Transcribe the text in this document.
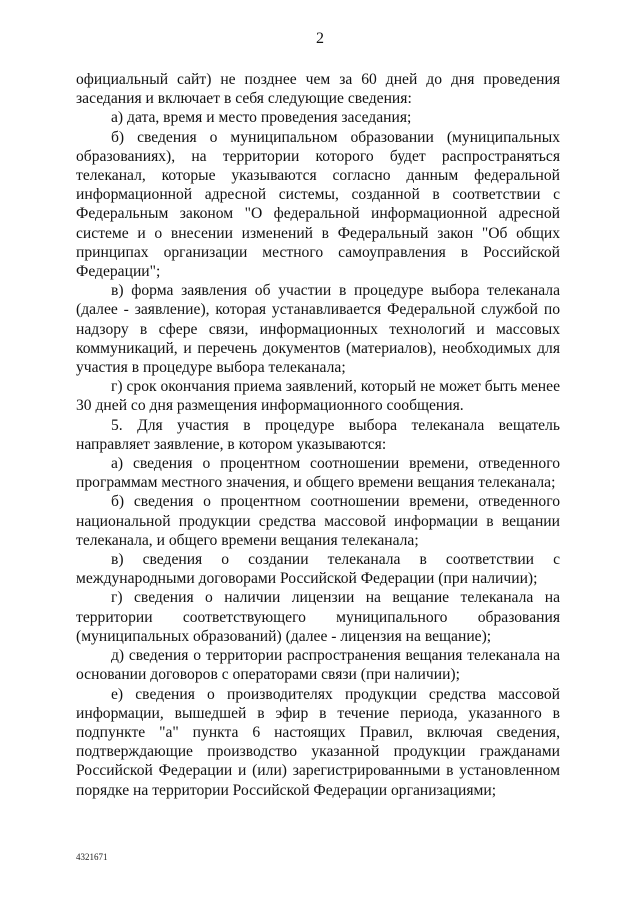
2

официальный сайт) не позднее чем за 60 дней до дня проведения заседания и включает в себя следующие сведения:

а) дата, время и место проведения заседания;

б) сведения о муниципальном образовании (муниципальных образованиях), на территории которого будет распространяться телеканал, которые указываются согласно данным федеральной информационной адресной системы, созданной в соответствии с Федеральным законом "О федеральной информационной адресной системе и о внесении изменений в Федеральный закон "Об общих принципах организации местного самоуправления в Российской Федерации";

в) форма заявления об участии в процедуре выбора телеканала (далее - заявление), которая устанавливается Федеральной службой по надзору в сфере связи, информационных технологий и массовых коммуникаций, и перечень документов (материалов), необходимых для участия в процедуре выбора телеканала;

г) срок окончания приема заявлений, который не может быть менее 30 дней со дня размещения информационного сообщения.

5. Для участия в процедуре выбора телеканала вещатель направляет заявление, в котором указываются:

а) сведения о процентном соотношении времени, отведенного программам местного значения, и общего времени вещания телеканала;

б) сведения о процентном соотношении времени, отведенного национальной продукции средства массовой информации в вещании телеканала, и общего времени вещания телеканала;

в) сведения о создании телеканала в соответствии с международными договорами Российской Федерации (при наличии);

г) сведения о наличии лицензии на вещание телеканала на территории соответствующего муниципального образования (муниципальных образований) (далее - лицензия на вещание);

д) сведения о территории распространения вещания телеканала на основании договоров с операторами связи (при наличии);

е) сведения о производителях продукции средства массовой информации, вышедшей в эфир в течение периода, указанного в подпункте "а" пункта 6 настоящих Правил, включая сведения, подтверждающие производство указанной продукции гражданами Российской Федерации и (или) зарегистрированными в установленном порядке на территории Российской Федерации организациями;

4321671
